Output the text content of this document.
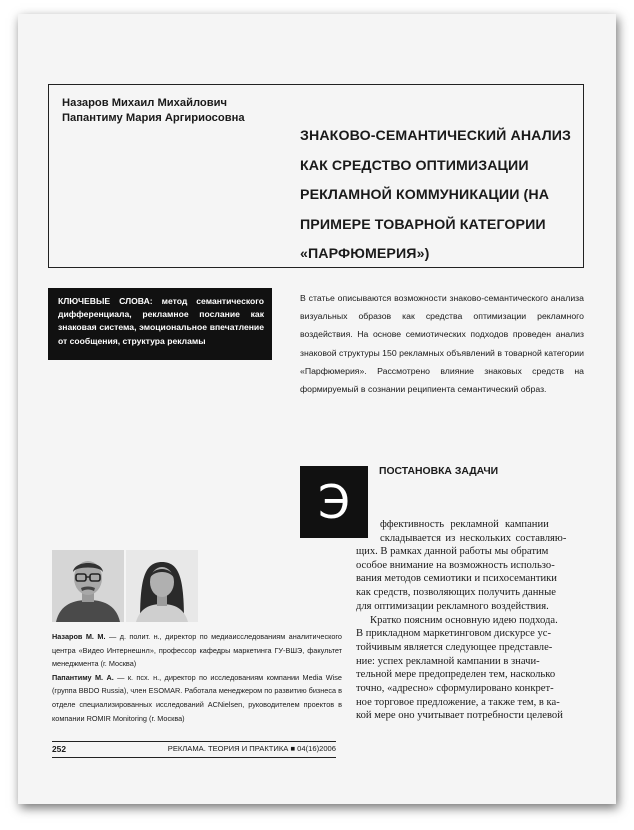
Назаров Михаил Михайлович
Папантиму Мария Аргириосовна
ЗНАКОВО-СЕМАНТИЧЕСКИЙ АНАЛИЗ
КАК СРЕДСТВО ОПТИМИЗАЦИИ
РЕКЛАМНОЙ КОММУНИКАЦИИ (НА
ПРИМЕРЕ ТОВАРНОЙ КАТЕГОРИИ
«ПАРФЮМЕРИЯ»)
КЛЮЧЕВЫЕ СЛОВА: метод семантического дифференциала, рекламное послание как знаковая система, эмоциональное впечатление от сообщения, структура рекламы
В статье описываются возможности знаково-семантического анализа визуальных образов как средства оптимизации рекламного воздействия. На основе семиотических подходов проведен анализ знаковой структуры 150 рекламных объявлений в товарной категории «Парфюмерия». Рассмотрено влияние знаковых средств на формируемый в сознании реципиента семантический образ.
Э
ПОСТАНОВКА ЗАДАЧИ
ффективность рекламной кампании
складывается из нескольких составляю-
щих. В рамках данной работы мы обратим
особое внимание на возможность использо-
вания методов семиотики и психосемантики
как средств, позволяющих получить данные
для оптимизации рекламного воздействия.
Кратко поясним основную идею подхода.
В прикладном маркетинговом дискурсе ус-
тойчивым является следующее представле-
ние: успех рекламной кампании в значи-
тельной мере предопределен тем, насколько
точно, «адресно» сформулировано конкрет-
ное торговое предложение, а также тем, в ка-
кой мере оно учитывает потребности целевой
Назаров М. М. — д. полит. н., директор по медиаисследованиям аналитического центра «Видео Интернешнл», профессор кафедры маркетинга ГУ-ВШЭ, факультет менеджмента (г. Москва)
Папантиму М. А. — к. псх. н., директор по исследованиям компании Media Wise (группа BBDO Russia), член ESOMAR. Работала менеджером по развитию бизнеса в отделе специализированных исследований ACNielsen, руководителем проектов в компании ROMIR Monitoring (г. Москва)
252	РЕКЛАМА. ТЕОРИЯ И ПРАКТИКА ■ 04(16)2006
